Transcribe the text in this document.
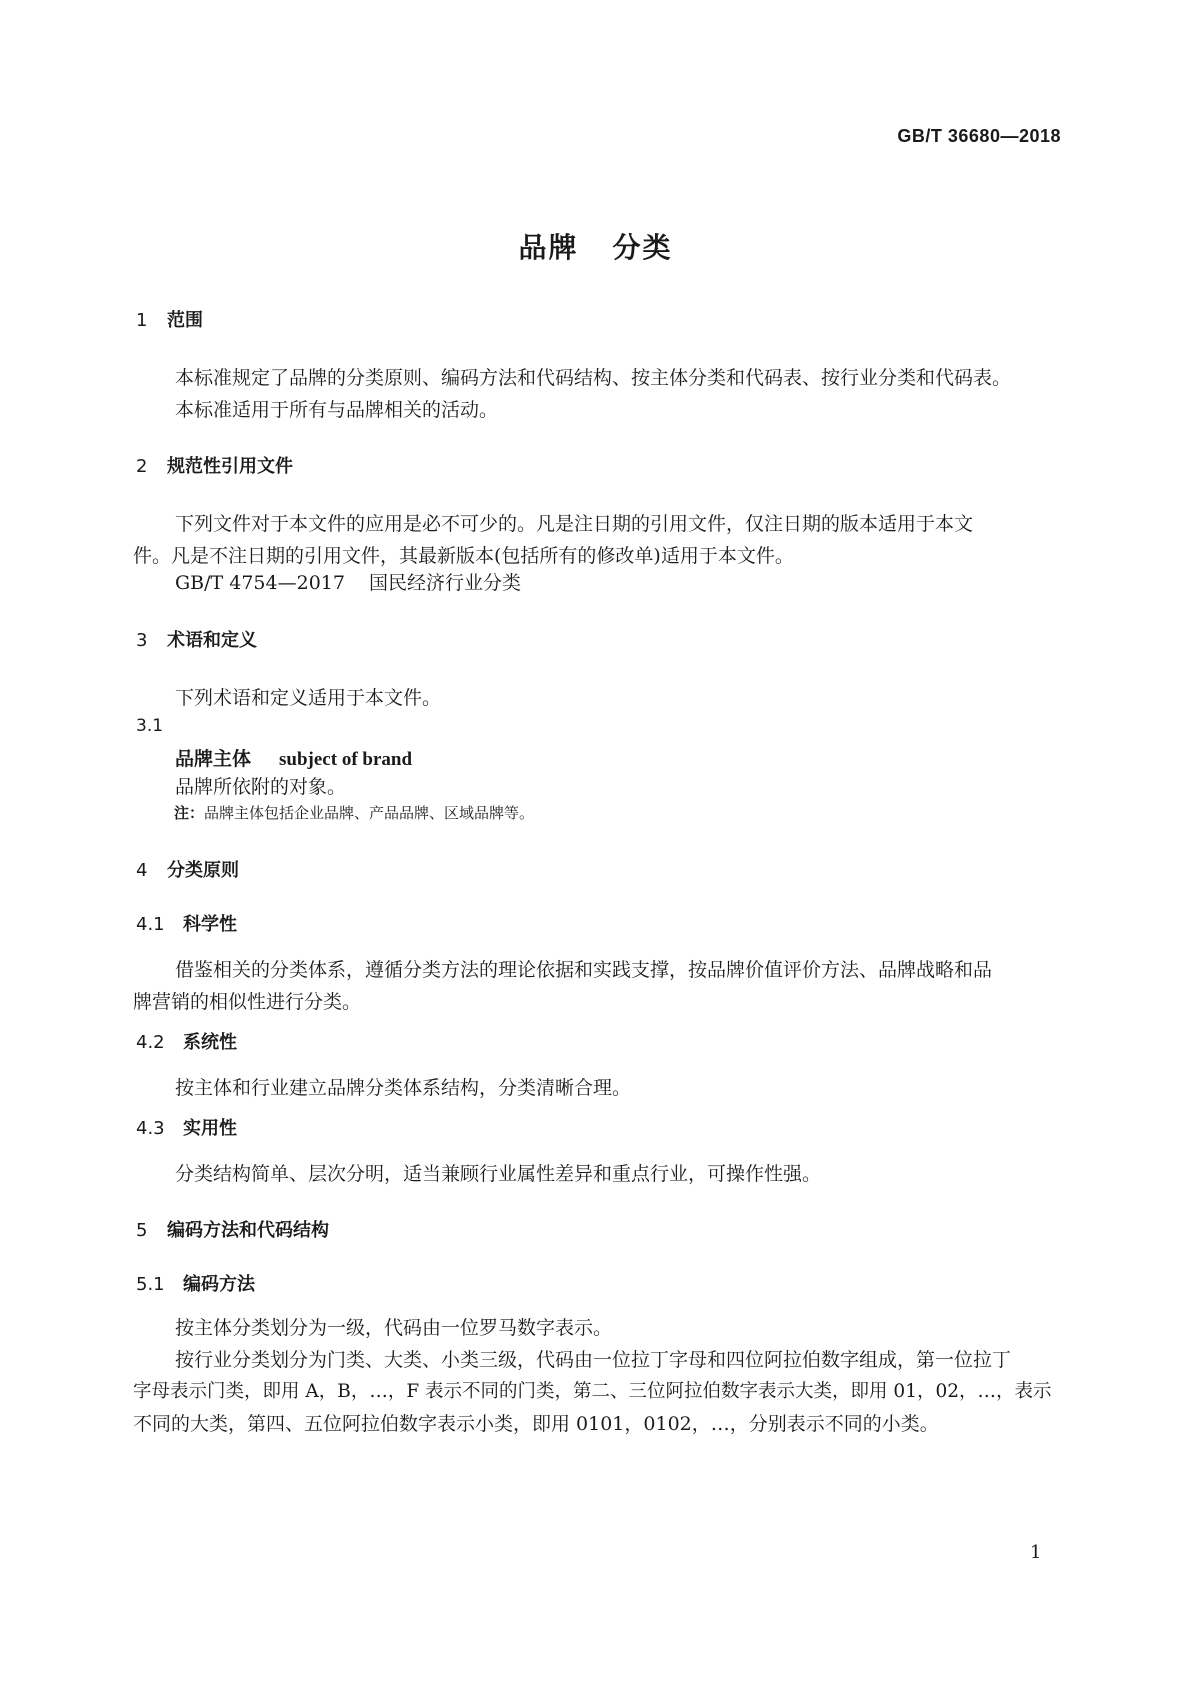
GB/T 36680—2018
品牌 分类
1 范围
本标准规定了品牌的分类原则、编码方法和代码结构、按主体分类和代码表、按行业分类和代码表。
本标准适用于所有与品牌相关的活动。
2 规范性引用文件
下列文件对于本文件的应用是必不可少的。凡是注日期的引用文件，仅注日期的版本适用于本文
件。凡是不注日期的引用文件，其最新版本(包括所有的修改单)适用于本文件。
GB/T 4754—2017 国民经济行业分类
3 术语和定义
下列术语和定义适用于本文件。
3.1
品牌主体 subject of brand
品牌所依附的对象。
注：品牌主体包括企业品牌、产品品牌、区域品牌等。
4 分类原则
4.1 科学性
借鉴相关的分类体系，遵循分类方法的理论依据和实践支撑，按品牌价值评价方法、品牌战略和品
牌营销的相似性进行分类。
4.2 系统性
按主体和行业建立品牌分类体系结构，分类清晰合理。
4.3 实用性
分类结构简单、层次分明，适当兼顾行业属性差异和重点行业，可操作性强。
5 编码方法和代码结构
5.1 编码方法
按主体分类划分为一级，代码由一位罗马数字表示。
按行业分类划分为门类、大类、小类三级，代码由一位拉丁字母和四位阿拉伯数字组成，第一位拉丁
字母表示门类，即用 A，B，…，F 表示不同的门类，第二、三位阿拉伯数字表示大类，即用 01，02，…，表示
不同的大类，第四、五位阿拉伯数字表示小类，即用 0101，0102，…，分别表示不同的小类。
1
